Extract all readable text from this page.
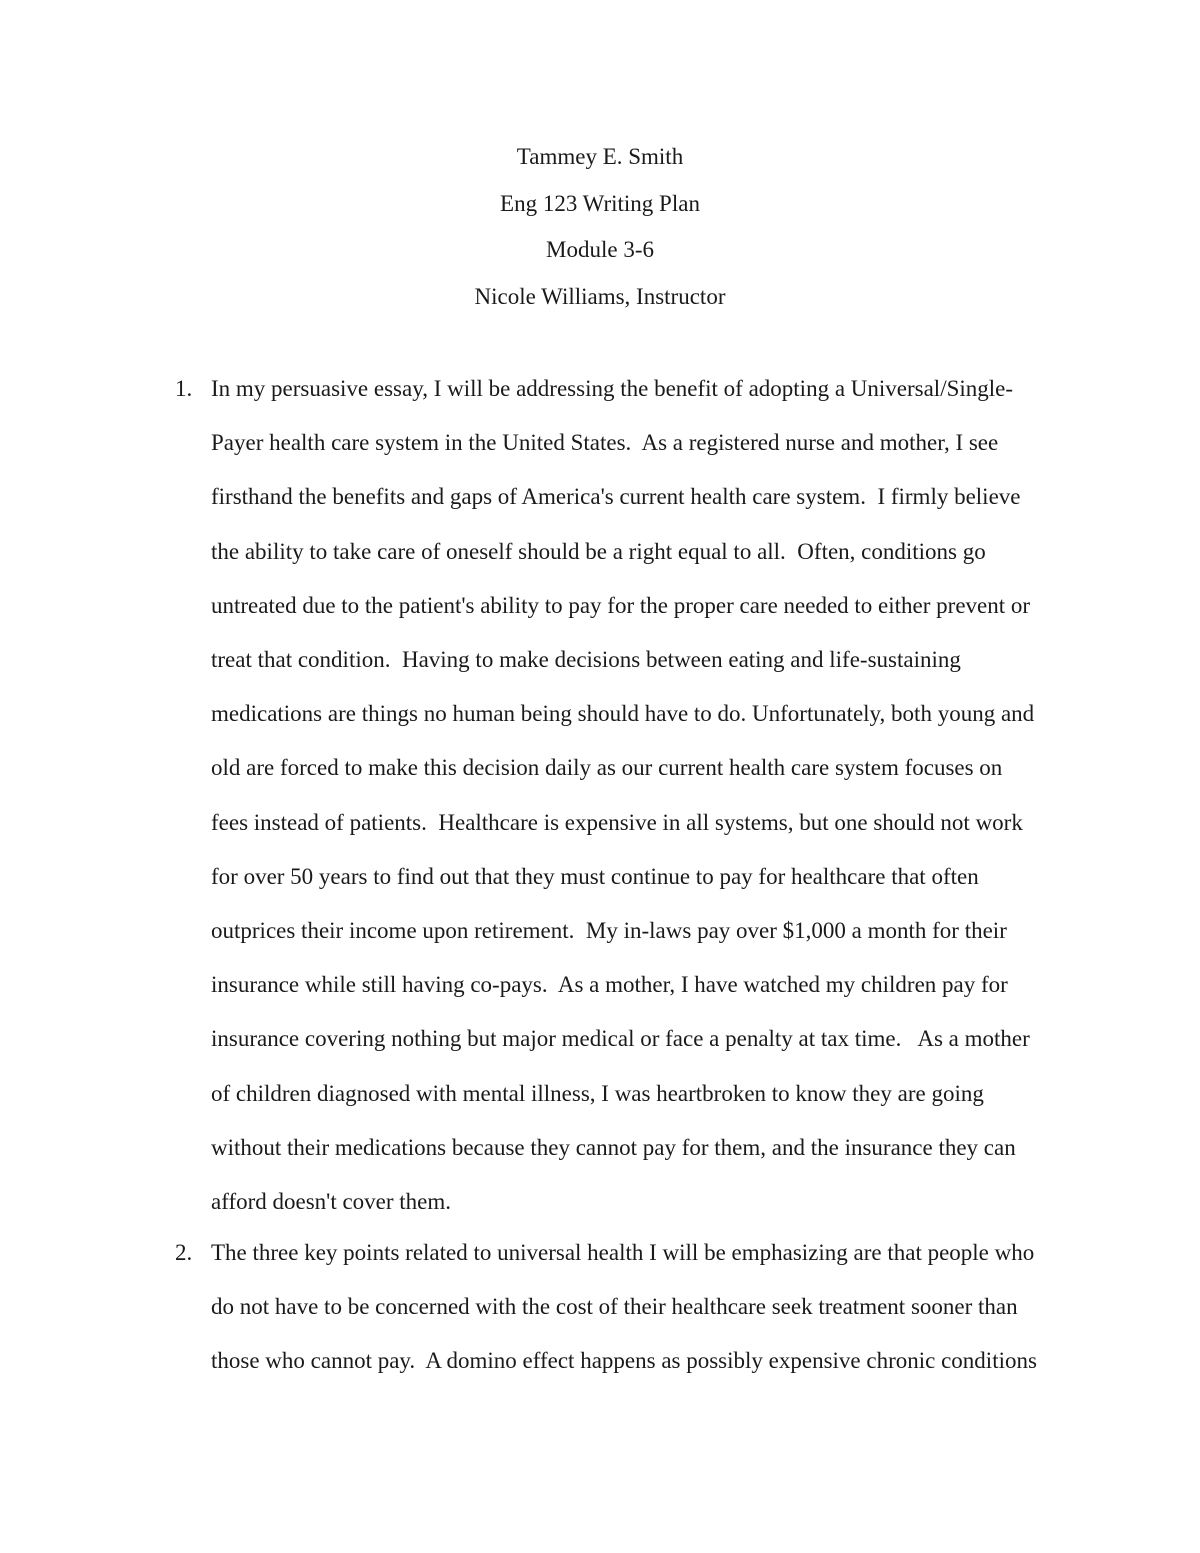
Tammey E. Smith
Eng 123 Writing Plan
Module 3-6
Nicole Williams, Instructor
1. In my persuasive essay, I will be addressing the benefit of adopting a Universal/Single-
Payer health care system in the United States.  As a registered nurse and mother, I see
firsthand the benefits and gaps of America's current health care system.  I firmly believe
the ability to take care of oneself should be a right equal to all.  Often, conditions go
untreated due to the patient's ability to pay for the proper care needed to either prevent or
treat that condition.  Having to make decisions between eating and life-sustaining
medications are things no human being should have to do. Unfortunately, both young and
old are forced to make this decision daily as our current health care system focuses on
fees instead of patients.  Healthcare is expensive in all systems, but one should not work
for over 50 years to find out that they must continue to pay for healthcare that often
outprices their income upon retirement.  My in-laws pay over $1,000 a month for their
insurance while still having co-pays.  As a mother, I have watched my children pay for
insurance covering nothing but major medical or face a penalty at tax time.   As a mother
of children diagnosed with mental illness, I was heartbroken to know they are going
without their medications because they cannot pay for them, and the insurance they can
afford doesn't cover them.
2. The three key points related to universal health I will be emphasizing are that people who
do not have to be concerned with the cost of their healthcare seek treatment sooner than
those who cannot pay.  A domino effect happens as possibly expensive chronic conditions
